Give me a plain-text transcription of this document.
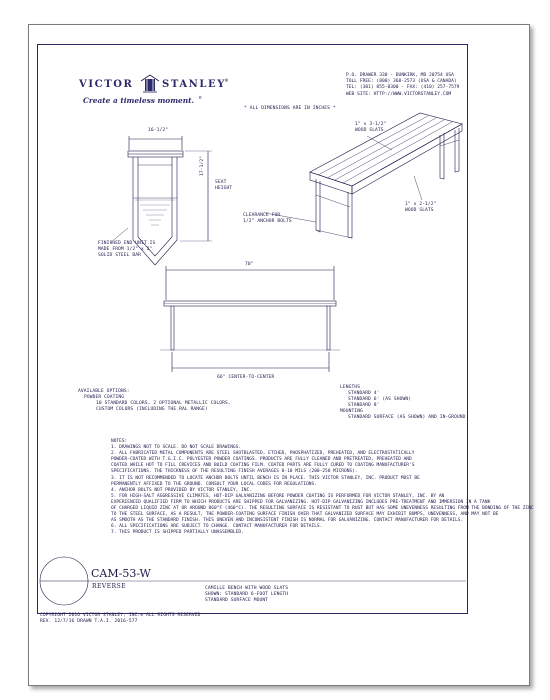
VICTOR	STANLEY
®
Create a timeless moment. ®
P.O. DRAWER 330 - DUNKIRK, MD 20754 USA
TOLL FREE: (800) 368-2573 (USA & CANADA)
TEL: (301) 855-8300 · FAX: (410) 257-7579
WEB SITE: HTTP://WWW.VICTORSTANLEY.COM
* ALL DIMENSIONS ARE IN INCHES *
16-1/2"
17-1/2"
SEAT
HEIGHT
FINISHED END UNIT IS
MADE FROM 1/2" x 2"
SOLID STEEL BAR
1" x 3-1/2"
WOOD SLATS
1" x 2-1/2"
WOOD SLATS
CLEARANCE FOR
1/2" ANCHOR BOLTS
70"
66" CENTER-TO-CENTER
AVAILABLE OPTIONS:
POWDER COATING
10 STANDARD COLORS, 2 OPTIONAL METALLIC COLORS,
CUSTOM COLORS (INCLUDING THE RAL RANGE)
LENGTHS
STANDARD 4'
STANDARD 6' (AS SHOWN)
STANDARD 8'
MOUNTING
STANDARD SURFACE (AS SHOWN) AND IN-GROUND
NOTES:
1. DRAWINGS NOT TO SCALE. DO NOT SCALE DRAWINGS.
2. ALL FABRICATED METAL COMPONENTS ARE STEEL SHOTBLASTED, ETCHED, PHOSPHATIZED, PREHEATED, AND ELECTROSTATICALLY
POWDER-COATED WITH T.G.I.C. POLYESTER POWDER COATINGS. PRODUCTS ARE FULLY CLEANED AND PRETREATED, PREHEATED AND
COATED WHILE HOT TO FILL CREVICES AND BUILD COATING FILM. COATED PARTS ARE FULLY CURED TO COATING MANUFACTURER'S
SPECIFICATIONS. THE THICKNESS OF THE RESULTING FINISH AVERAGES 8-10 MILS (200-250 MICRONS).
3. IT IS NOT RECOMMENDED TO LOCATE ANCHOR BOLTS UNTIL BENCH IS IN PLACE. THIS VICTOR STANLEY, INC. PRODUCT MUST BE
PERMANENTLY AFFIXED TO THE GROUND. CONSULT YOUR LOCAL CODES FOR REGULATIONS.
4. ANCHOR BOLTS NOT PROVIDED BY VICTOR STANLEY, INC.
5. FOR HIGH-SALT AGGRESSIVE CLIMATES, HOT-DIP GALVANIZING BEFORE POWDER COATING IS PERFORMED FOR VICTOR STANLEY, INC. BY AN
EXPERIENCED QUALIFIED FIRM TO WHICH PRODUCTS ARE SHIPPED FOR GALVANIZING. HOT-DIP GALVANIZING INCLUDES PRE-TREATMENT AND IMMERSION IN A TANK
OF CHARGED LIQUID ZINC AT OR AROUND 860°F (460°C). THE RESULTING SURFACE IS RESISTANT TO RUST BUT HAS SOME UNEVENNESS RESULTING FROM THE BONDING OF THE ZINC
TO THE STEEL SURFACE, AS A RESULT, THE POWDER-COATING SURFACE FINISH OVER THAT GALVANIZED SURFACE MAY EXHIBIT BUMPS, UNEVENNESS, AND MAY NOT BE
AS SMOOTH AS THE STANDARD FINISH. THIS UNEVEN AND INCONSISTENT FINISH IS NORMAL FOR GALVANIZING. CONTACT MANUFACTURER FOR DETAILS.
6. ALL SPECIFICATIONS ARE SUBJECT TO CHANGE. CONTACT MANUFACTURER FOR DETAILS.
7. THIS PRODUCT IS SHIPPED PARTIALLY UNASSEMBLED.
CAM-53-W
REVERSE	CAMILLE BENCH WITH WOOD SLATS
SHOWN: STANDARD 6-FOOT LENGTH
STANDARD SURFACE MOUNT
COPYRIGHT 2016 VICTOR STANLEY, INC.® ALL RIGHTS RESERVED
REV. 12/7/16 DRAWN T.A.I. 2016-577
